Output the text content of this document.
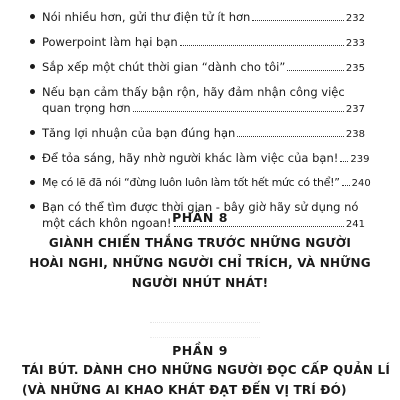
Nói nhiều hơn, gửi thư điện tử ít hơn	232
Powerpoint làm hại bạn	233
Sắp xếp một chút thời gian “dành cho tôi”	235
Nếu bạn cảm thấy bận rộn, hãy đảm nhận công việc
quan trọng hơn	237
Tăng lợi nhuận của bạn đúng hạn	238
Để tỏa sáng, hãy nhờ người khác làm việc của bạn! 239
Mẹ có lẽ đã nói “đừng luôn luôn làm tốt hết mức có thể!” 240
Bạn có thể tìm được thời gian - bây giờ hãy sử dụng nó
một cách khôn ngoan!	241
PHẦN 8
GIÀNH CHIẾN THẮNG TRƯỚC NHỮNG NGƯỜI
HOÀI NGHI, NHỮNG NGƯỜI CHỈ TRÍCH, VÀ NHỮNG
NGƯỜI NHÚT NHÁT!
PHẦN 9
TÁI BÚT. DÀNH CHO NHỮNG NGƯỜI ĐỌC CẤP QUẢN LÍ
(VÀ NHỮNG AI KHAO KHÁT ĐẠT ĐẾN VỊ TRÍ ĐÓ)
